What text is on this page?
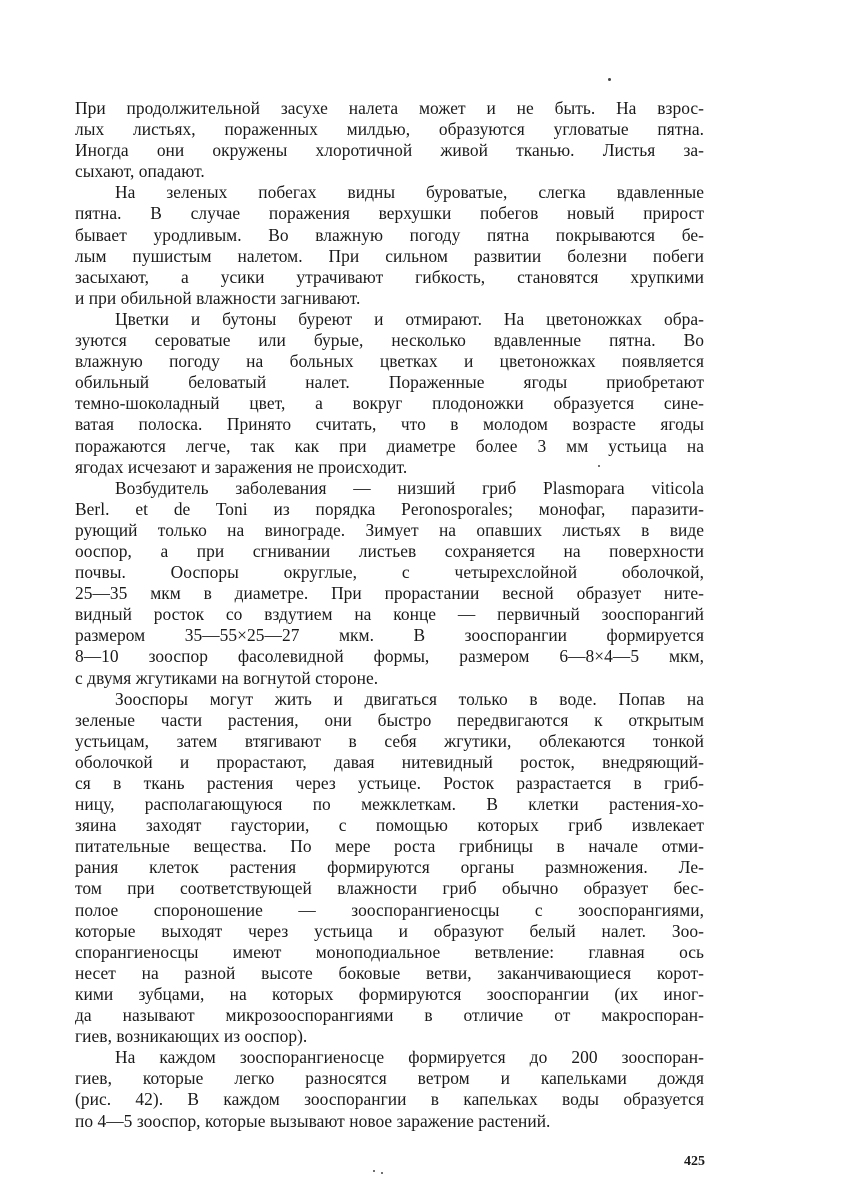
При продолжительной засухе налета может и не быть. На взрос-
лых листьях, пораженных милдью, образуются угловатые пятна.
Иногда они окружены хлоротичной живой тканью. Листья за-
сыхают, опадают.
На зеленых побегах видны буроватые, слегка вдавленные
пятна. В случае поражения верхушки побегов новый прирост
бывает уродливым. Во влажную погоду пятна покрываются бе-
лым пушистым налетом. При сильном развитии болезни побеги
засыхают, а усики утрачивают гибкость, становятся хрупкими
и при обильной влажности загнивают.
Цветки и бутоны буреют и отмирают. На цветоножках обра-
зуются сероватые или бурые, несколько вдавленные пятна. Во
влажную погоду на больных цветках и цветоножках появляется
обильный беловатый налет. Пораженные ягоды приобретают
темно-шоколадный цвет, а вокруг плодоножки образуется сине-
ватая полоска. Принято считать, что в молодом возрасте ягоды
поражаются легче, так как при диаметре более 3 мм устьица на
ягодах исчезают и заражения не происходит.
Возбудитель заболевания — низший гриб Plasmopara viticola
Berl. et de Toni из порядка Peronosporales; монофаг, паразити-
рующий только на винограде. Зимует на опавших листьях в виде
ооспор, а при сгнивании листьев сохраняется на поверхности
почвы. Ооспоры округлые, с четырехслойной оболочкой,
25—35 мкм в диаметре. При прорастании весной образует ните-
видный росток со вздутием на конце — первичный зооспорангий
размером 35—55×25—27 мкм. В зооспорангии формируется
8—10 зооспор фасолевидной формы, размером 6—8×4—5 мкм,
с двумя жгутиками на вогнутой стороне.
Зооспоры могут жить и двигаться только в воде. Попав на
зеленые части растения, они быстро передвигаются к открытым
устьицам, затем втягивают в себя жгутики, облекаются тонкой
оболочкой и прорастают, давая нитевидный росток, внедряющий-
ся в ткань растения через устьице. Росток разрастается в гриб-
ницу, располагающуюся по межклеткам. В клетки растения-хо-
зяина заходят гаустории, с помощью которых гриб извлекает
питательные вещества. По мере роста грибницы в начале отми-
рания клеток растения формируются органы размножения. Ле-
том при соответствующей влажности гриб обычно образует бес-
полое спороношение — зооспорангиеносцы с зооспорангиями,
которые выходят через устьица и образуют белый налет. Зоо-
спорангиеносцы имеют моноподиальное ветвление: главная ось
несет на разной высоте боковые ветви, заканчивающиеся корот-
кими зубцами, на которых формируются зооспорангии (их иног-
да называют микрозооспорангиями в отличие от макроспоран-
гиев, возникающих из ооспор).
На каждом зооспорангиеносце формируется до 200 зооспоран-
гиев, которые легко разносятся ветром и капельками дождя
(рис. 42). В каждом зооспорангии в капельках воды образуется
по 4—5 зооспор, которые вызывают новое заражение растений.
425
